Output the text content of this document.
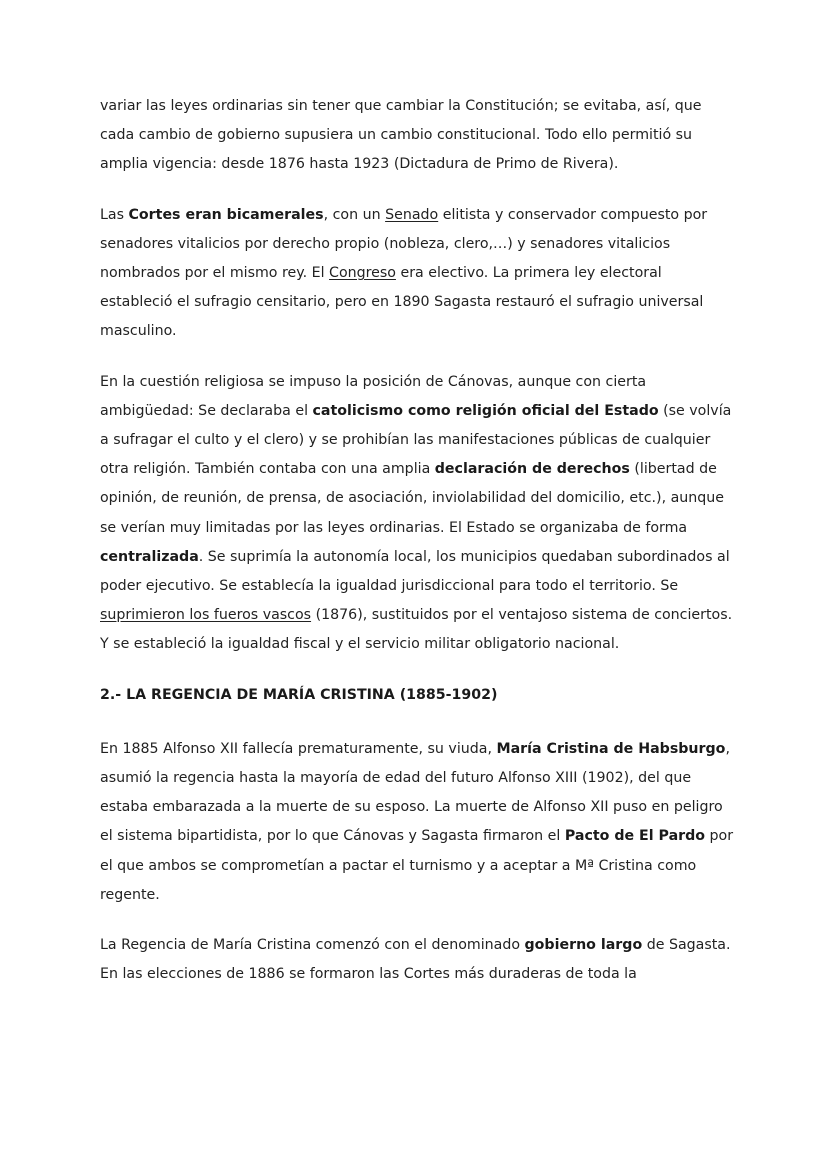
variar las leyes ordinarias sin tener que cambiar la Constitución; se evitaba, así, que
cada cambio de gobierno supusiera un cambio constitucional. Todo ello permitió su
amplia vigencia: desde 1876 hasta 1923 (Dictadura de Primo de Rivera).

Las Cortes eran bicamerales, con un Senado elitista y conservador compuesto por
senadores vitalicios por derecho propio (nobleza, clero,…) y senadores vitalicios
nombrados por el mismo rey. El Congreso era electivo. La primera ley electoral
estableció el sufragio censitario, pero en 1890 Sagasta restauró el sufragio universal
masculino.

En la cuestión religiosa se impuso la posición de Cánovas, aunque con cierta
ambigüedad: Se declaraba el catolicismo como religión oficial del Estado (se volvía
a sufragar el culto y el clero) y se prohibían las manifestaciones públicas de cualquier
otra religión. También contaba con una amplia declaración de derechos (libertad de
opinión, de reunión, de prensa, de asociación, inviolabilidad del domicilio, etc.), aunque
se verían muy limitadas por las leyes ordinarias. El Estado se organizaba de forma
centralizada. Se suprimía la autonomía local, los municipios quedaban subordinados al
poder ejecutivo. Se establecía la igualdad jurisdiccional para todo el territorio. Se
suprimieron los fueros vascos (1876), sustituidos por el ventajoso sistema de conciertos.
Y se estableció la igualdad fiscal y el servicio militar obligatorio nacional.

2.- LA REGENCIA DE MARÍA CRISTINA (1885-1902)

En 1885 Alfonso XII fallecía prematuramente, su viuda, María Cristina de Habsburgo,
asumió la regencia hasta la mayoría de edad del futuro Alfonso XIII (1902), del que
estaba embarazada a la muerte de su esposo. La muerte de Alfonso XII puso en peligro
el sistema bipartidista, por lo que Cánovas y Sagasta firmaron el Pacto de El Pardo por
el que ambos se comprometían a pactar el turnismo y a aceptar a Mª Cristina como
regente.

La Regencia de María Cristina comenzó con el denominado gobierno largo de Sagasta.
En las elecciones de 1886 se formaron las Cortes más duraderas de toda la
